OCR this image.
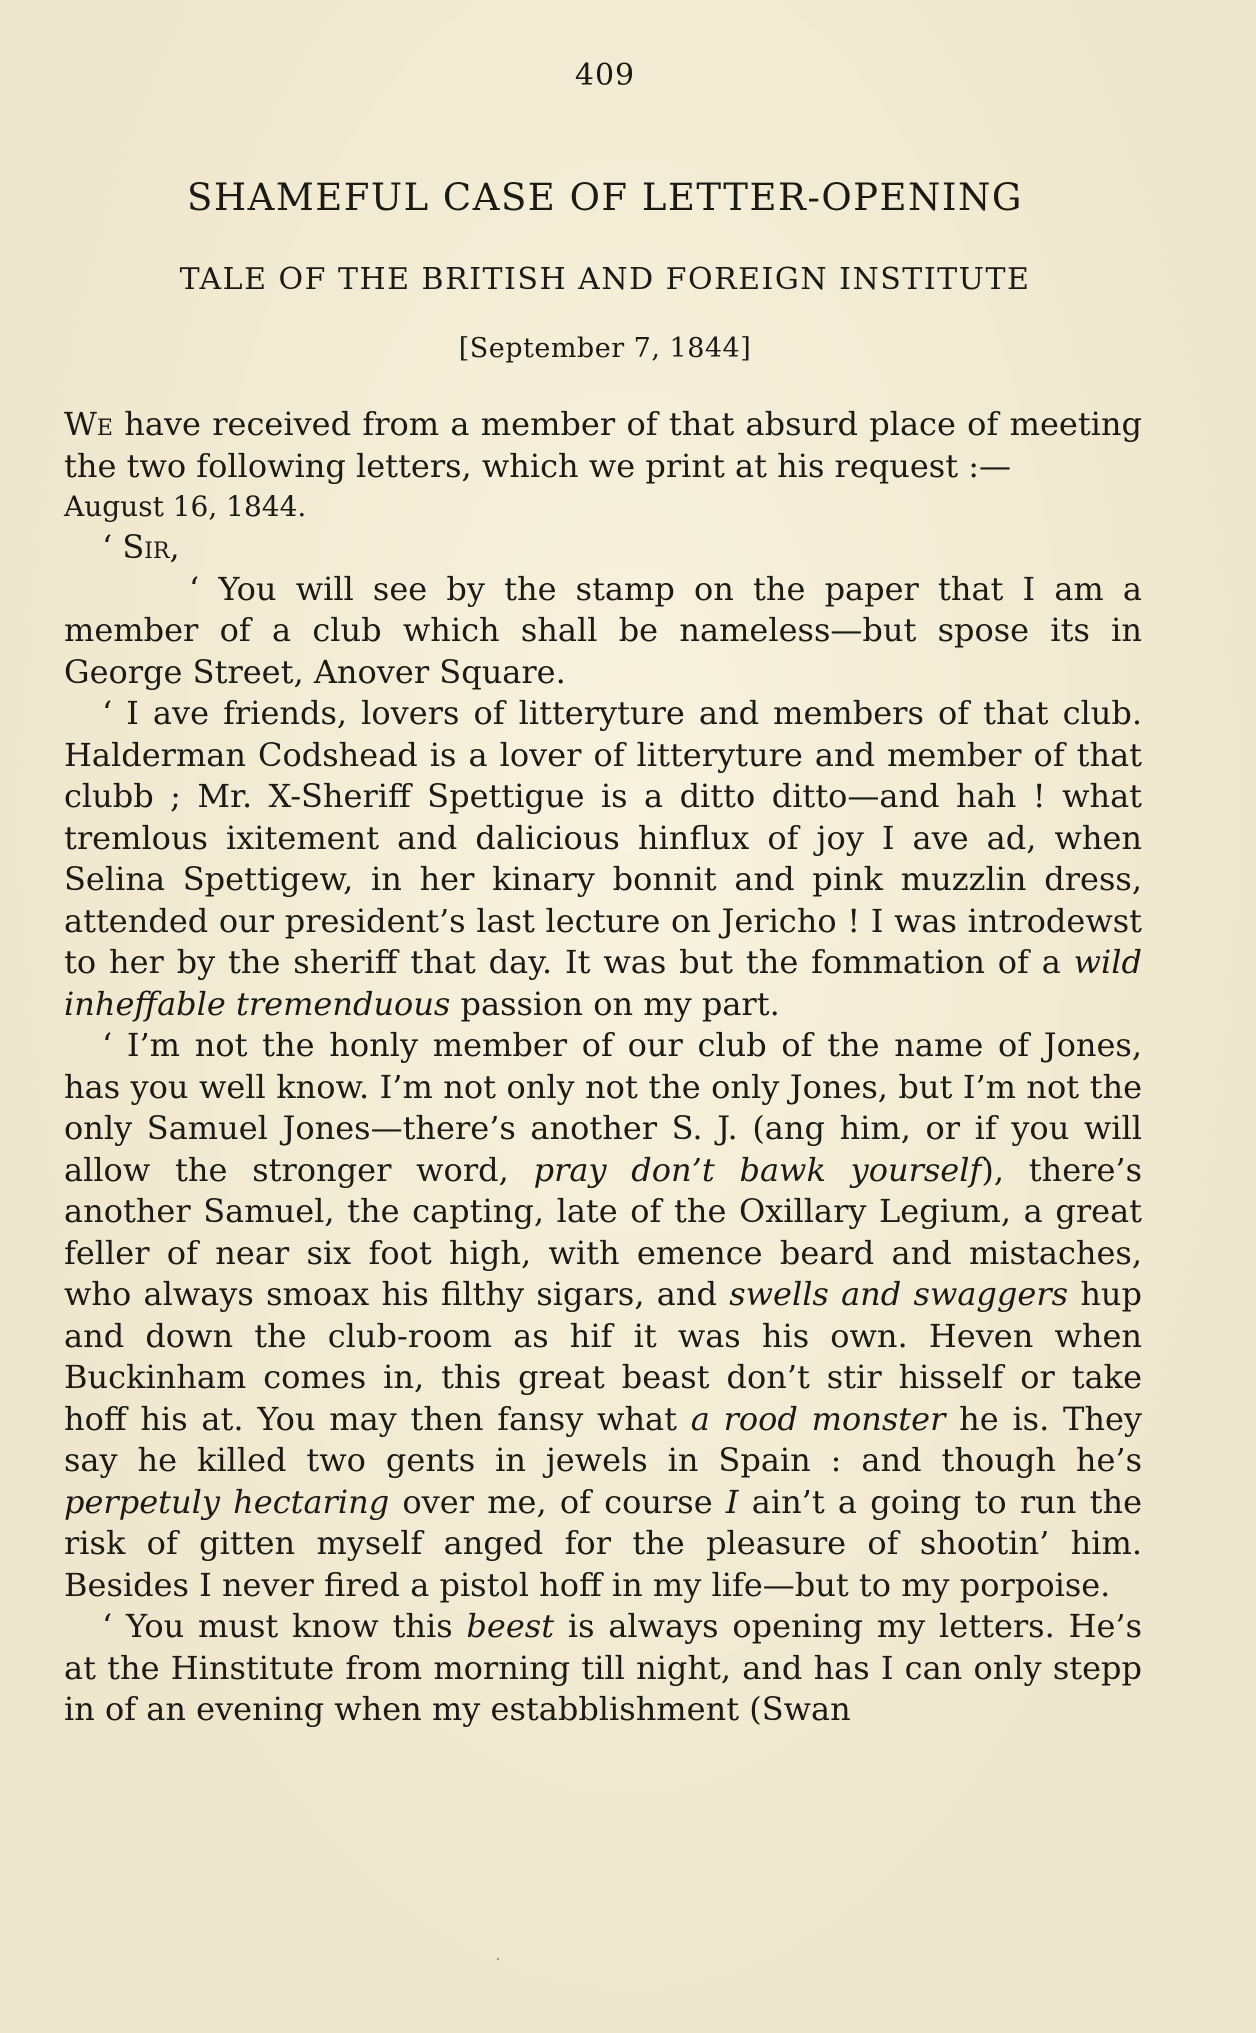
409
SHAMEFUL CASE OF LETTER-OPENING
TALE OF THE BRITISH AND FOREIGN INSTITUTE
[September 7, 1844]

We have received from a member of that absurd place of meeting the two following letters, which we print at his request :—

August 16, 1844.

‘ Sir,

‘ You will see by the stamp on the paper that I am a member of a club which shall be nameless—but spose its in George Street, Anover Square.

‘ I ave friends, lovers of litteryture and members of that club. Halderman Codshead is a lover of litteryture and member of that clubb ; Mr. X-Sheriff Spettigue is a ditto ditto—and hah ! what tremlous ixitement and dalicious hinflux of joy I ave ad, when Selina Spettigew, in her kinary bonnit and pink muzzlin dress, attended our president’s last lecture on Jericho ! I was introdewst to her by the sheriff that day. It was but the fommation of a wild inheffable tremenduous passion on my part.

‘ I’m not the honly member of our club of the name of Jones, has you well know. I’m not only not the only Jones, but I’m not the only Samuel Jones—there’s another S. J. (ang him, or if you will allow the stronger word, pray don’t bawk yourself), there’s another Samuel, the capting, late of the Oxillary Legium, a great feller of near six foot high, with emence beard and mistaches, who always smoax his filthy sigars, and swells and swaggers hup and down the club-room as hif it was his own. Heven when Buckinham comes in, this great beast don’t stir hisself or take hoff his at. You may then fansy what a rood monster he is. They say he killed two gents in jewels in Spain : and though he’s perpetuly hectaring over me, of course I ain’t a going to run the risk of gitten myself anged for the pleasure of shootin’ him. Besides I never fired a pistol hoff in my life—but to my porpoise.

‘ You must know this beest is always opening my letters. He’s at the Hinstitute from morning till night, and has I can only stepp in of an evening when my estabblishment (Swan
